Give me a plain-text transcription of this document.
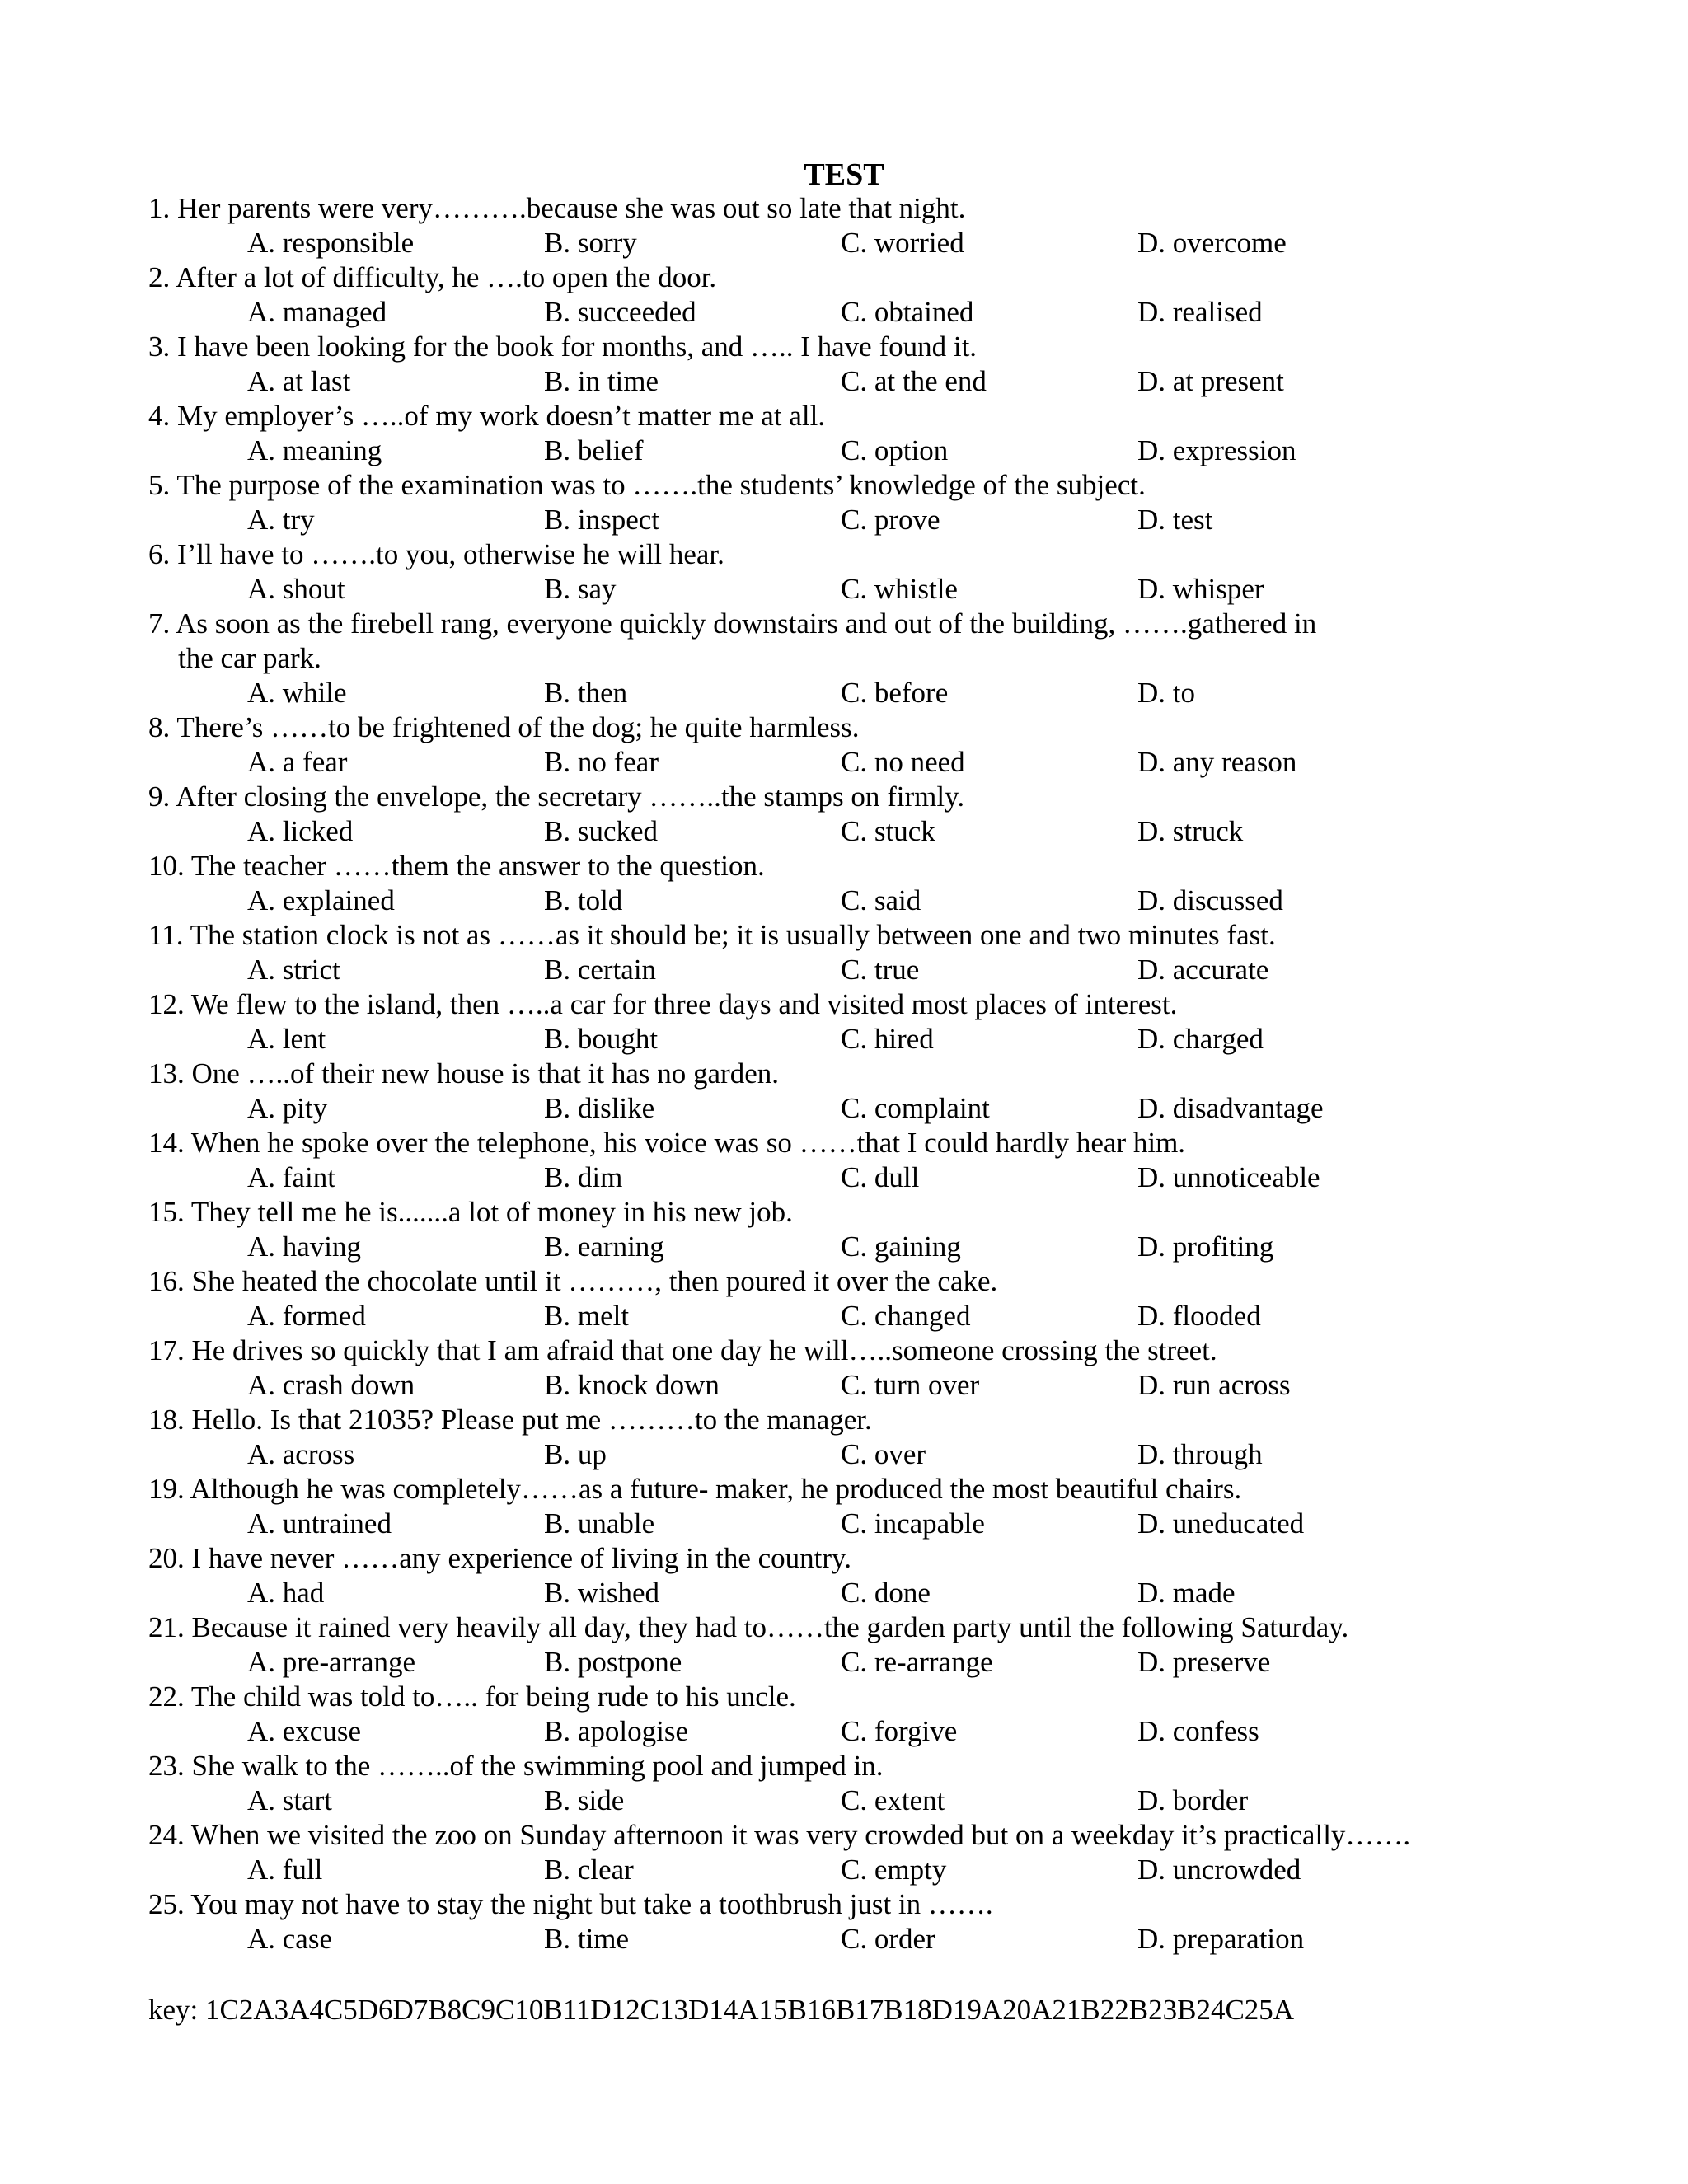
TEST
1. Her parents were very……….because she was out so late that night.
A. responsible	B. sorry	C. worried	D. overcome
2. After a lot of difficulty, he ….to open the door.
A. managed	B. succeeded	C. obtained	D. realised
3. I have been looking for the book for months, and ….. I have found it.
A. at last	B. in time	C. at the end	D. at present
4. My employer’s …..of my work doesn’t matter me at all.
A. meaning	B. belief	C. option	D. expression
5. The purpose of the examination was to …….the students’ knowledge of the subject.
A. try	B. inspect	C. prove	D. test
6. I’ll have to …….to you, otherwise he will hear.
A. shout	B. say	C. whistle	D. whisper
7. As soon as the firebell rang, everyone quickly downstairs and out of the building, …….gathered in
the car park.
A. while	B. then	C. before	D. to
8. There’s ……to be frightened of the dog; he quite harmless.
A. a fear	B. no fear	C. no need	D. any reason
9. After closing the envelope, the secretary ……..the stamps on firmly.
A. licked	B. sucked	C. stuck	D. struck
10. The teacher ……them the answer to the question.
A. explained	B. told	C. said	D. discussed
11. The station clock is not as ……as it should be; it is usually between one and two minutes fast.
A. strict	B. certain	C. true	D. accurate
12. We flew to the island, then …..a car for three days and visited most places of interest.
A. lent	B. bought	C. hired	D. charged
13. One …..of their new house is that it has no garden.
A. pity	B. dislike	C. complaint	D. disadvantage
14. When he spoke over the telephone, his voice was so ……that I could hardly hear him.
A. faint	B. dim	C. dull	D. unnoticeable
15. They tell me he is.......a lot of money in his new job.
A. having	B. earning	C. gaining	D. profiting
16. She heated the chocolate until it ………, then poured it over the cake.
A. formed	B. melt	C. changed	D. flooded
17. He drives so quickly that I am afraid that one day he will…..someone crossing the street.
A. crash down	B. knock down	C. turn over	D. run across
18. Hello. Is that 21035? Please put me ………to the manager.
A. across	B. up	C. over	D. through
19. Although he was completely……as a future- maker, he produced the most beautiful chairs.
A. untrained	B. unable	C. incapable	D. uneducated
20. I have never ……any experience of living in the country.
A. had	B. wished	C. done	D. made
21. Because it rained very heavily all day, they had to……the garden party until the following Saturday.
A. pre-arrange	B. postpone	C. re-arrange	D. preserve
22. The child was told to….. for being rude to his uncle.
A. excuse	B. apologise	C. forgive	D. confess
23. She walk to the ……..of the swimming pool and jumped in.
A. start	B. side	C. extent	D. border
24. When we visited the zoo on Sunday afternoon it was very crowded but on a weekday it’s practically…….
A. full	B. clear	C. empty	D. uncrowded
25. You may not have to stay the night but take a toothbrush just in …….
A. case	B. time	C. order	D. preparation
key: 1C2A3A4C5D6D7B8C9C10B11D12C13D14A15B16B17B18D19A20A21B22B23B24C25A
